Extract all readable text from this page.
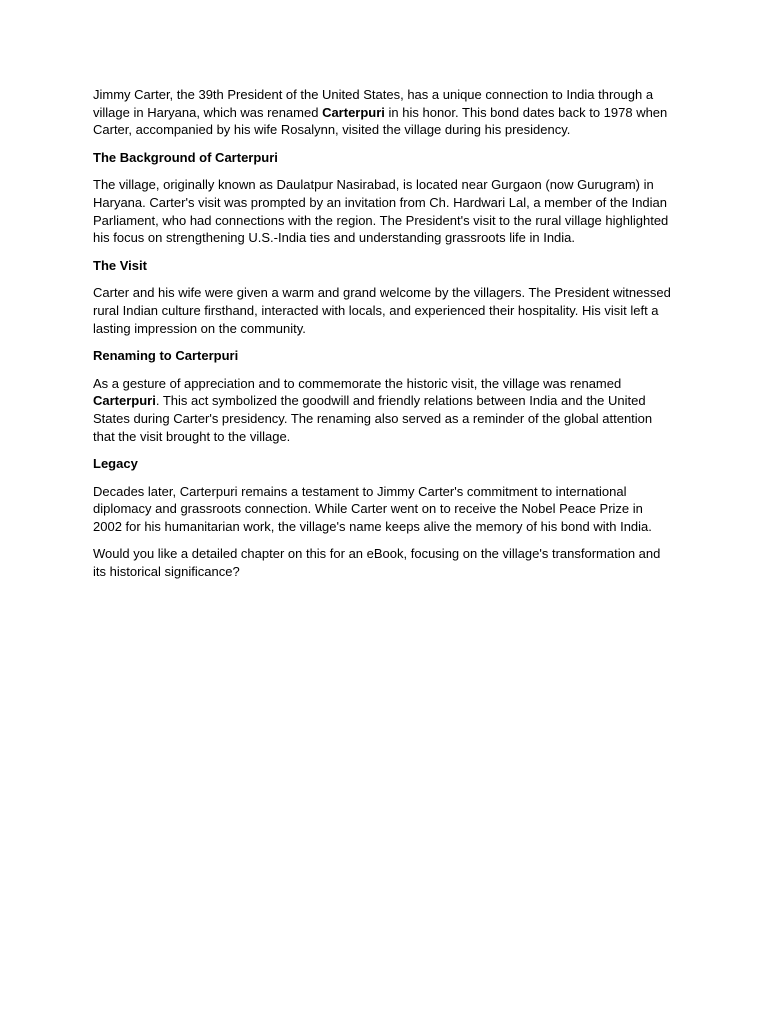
Jimmy Carter, the 39th President of the United States, has a unique connection to India through a village in Haryana, which was renamed Carterpuri in his honor. This bond dates back to 1978 when Carter, accompanied by his wife Rosalynn, visited the village during his presidency.

The Background of Carterpuri

The village, originally known as Daulatpur Nasirabad, is located near Gurgaon (now Gurugram) in Haryana. Carter's visit was prompted by an invitation from Ch. Hardwari Lal, a member of the Indian Parliament, who had connections with the region. The President's visit to the rural village highlighted his focus on strengthening U.S.-India ties and understanding grassroots life in India.

The Visit

Carter and his wife were given a warm and grand welcome by the villagers. The President witnessed rural Indian culture firsthand, interacted with locals, and experienced their hospitality. His visit left a lasting impression on the community.

Renaming to Carterpuri

As a gesture of appreciation and to commemorate the historic visit, the village was renamed Carterpuri. This act symbolized the goodwill and friendly relations between India and the United States during Carter's presidency. The renaming also served as a reminder of the global attention that the visit brought to the village.

Legacy

Decades later, Carterpuri remains a testament to Jimmy Carter's commitment to international diplomacy and grassroots connection. While Carter went on to receive the Nobel Peace Prize in 2002 for his humanitarian work, the village's name keeps alive the memory of his bond with India.

Would you like a detailed chapter on this for an eBook, focusing on the village's transformation and its historical significance?
